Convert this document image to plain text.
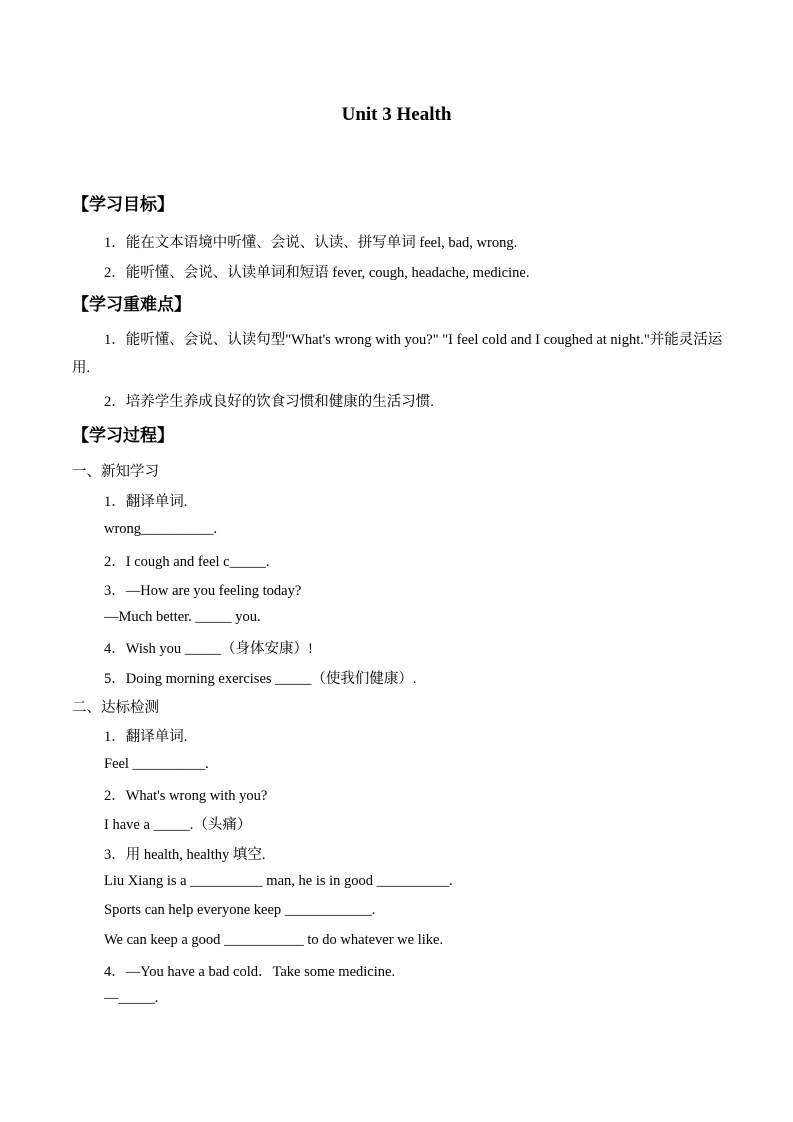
Unit 3 Health
【学习目标】
1．能在文本语境中听懂、会说、认读、拼写单词 feel, bad, wrong.
2．能听懂、会说、认读单词和短语 fever, cough, headache, medicine.
【学习重难点】
1．能听懂、会说、认读句型"What's wrong with you?" "I feel cold and I coughed at night."并能灵活运用.
2．培养学生养成良好的饮食习惯和健康的生活习惯.
【学习过程】
一、新知学习
1．翻译单词.
wrong__________.
2．I cough and feel c_____.
3．—How are you feeling today?
—Much better. _____ you.
4．Wish you _____（身体安康）!
5．Doing morning exercises _____（使我们健康）.
二、达标检测
1．翻译单词.
Feel __________.
2．What's wrong with you?
I have a _____.（头痛）
3．用 health, healthy 填空.
Liu Xiang is a __________ man, he is in good __________.
Sports can help everyone keep ____________.
We can keep a good ___________ to do whatever we like.
4．—You have a bad cold．Take some medicine.
—_____.
